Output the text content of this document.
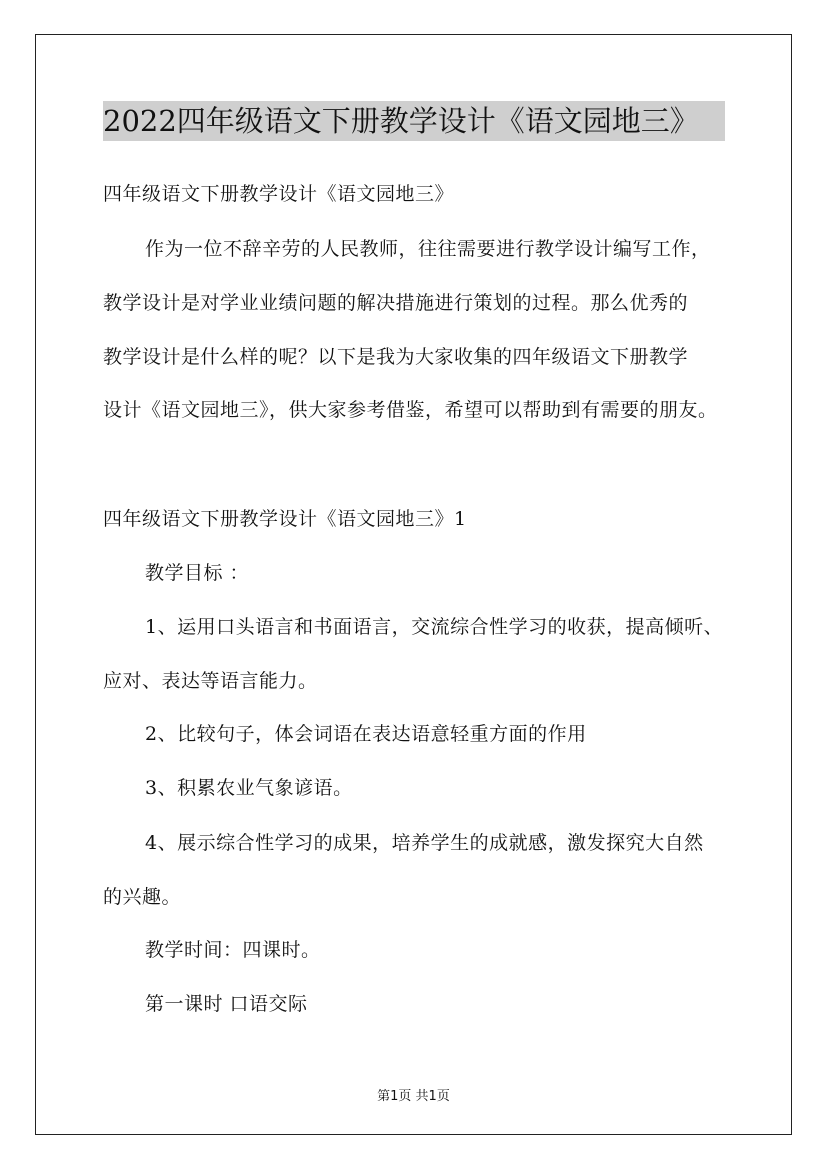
2022四年级语文下册教学设计《语文园地三》
四年级语文下册教学设计《语文园地三》
作为一位不辞辛劳的人民教师，往往需要进行教学设计编写工作，
教学设计是对学业业绩问题的解决措施进行策划的过程。那么优秀的
教学设计是什么样的呢？以下是我为大家收集的四年级语文下册教学
设计《语文园地三》，供大家参考借鉴，希望可以帮助到有需要的朋友。
四年级语文下册教学设计《语文园地三》1
教学目标 ：
1、运用口头语言和书面语言，交流综合性学习的收获，提高倾听、
应对、表达等语言能力。
2、比较句子，体会词语在表达语意轻重方面的作用
3、积累农业气象谚语。
4、展示综合性学习的成果，培养学生的成就感，激发探究大自然
的兴趣。
教学时间：四课时。
第一课时 口语交际
第1页 共1页
